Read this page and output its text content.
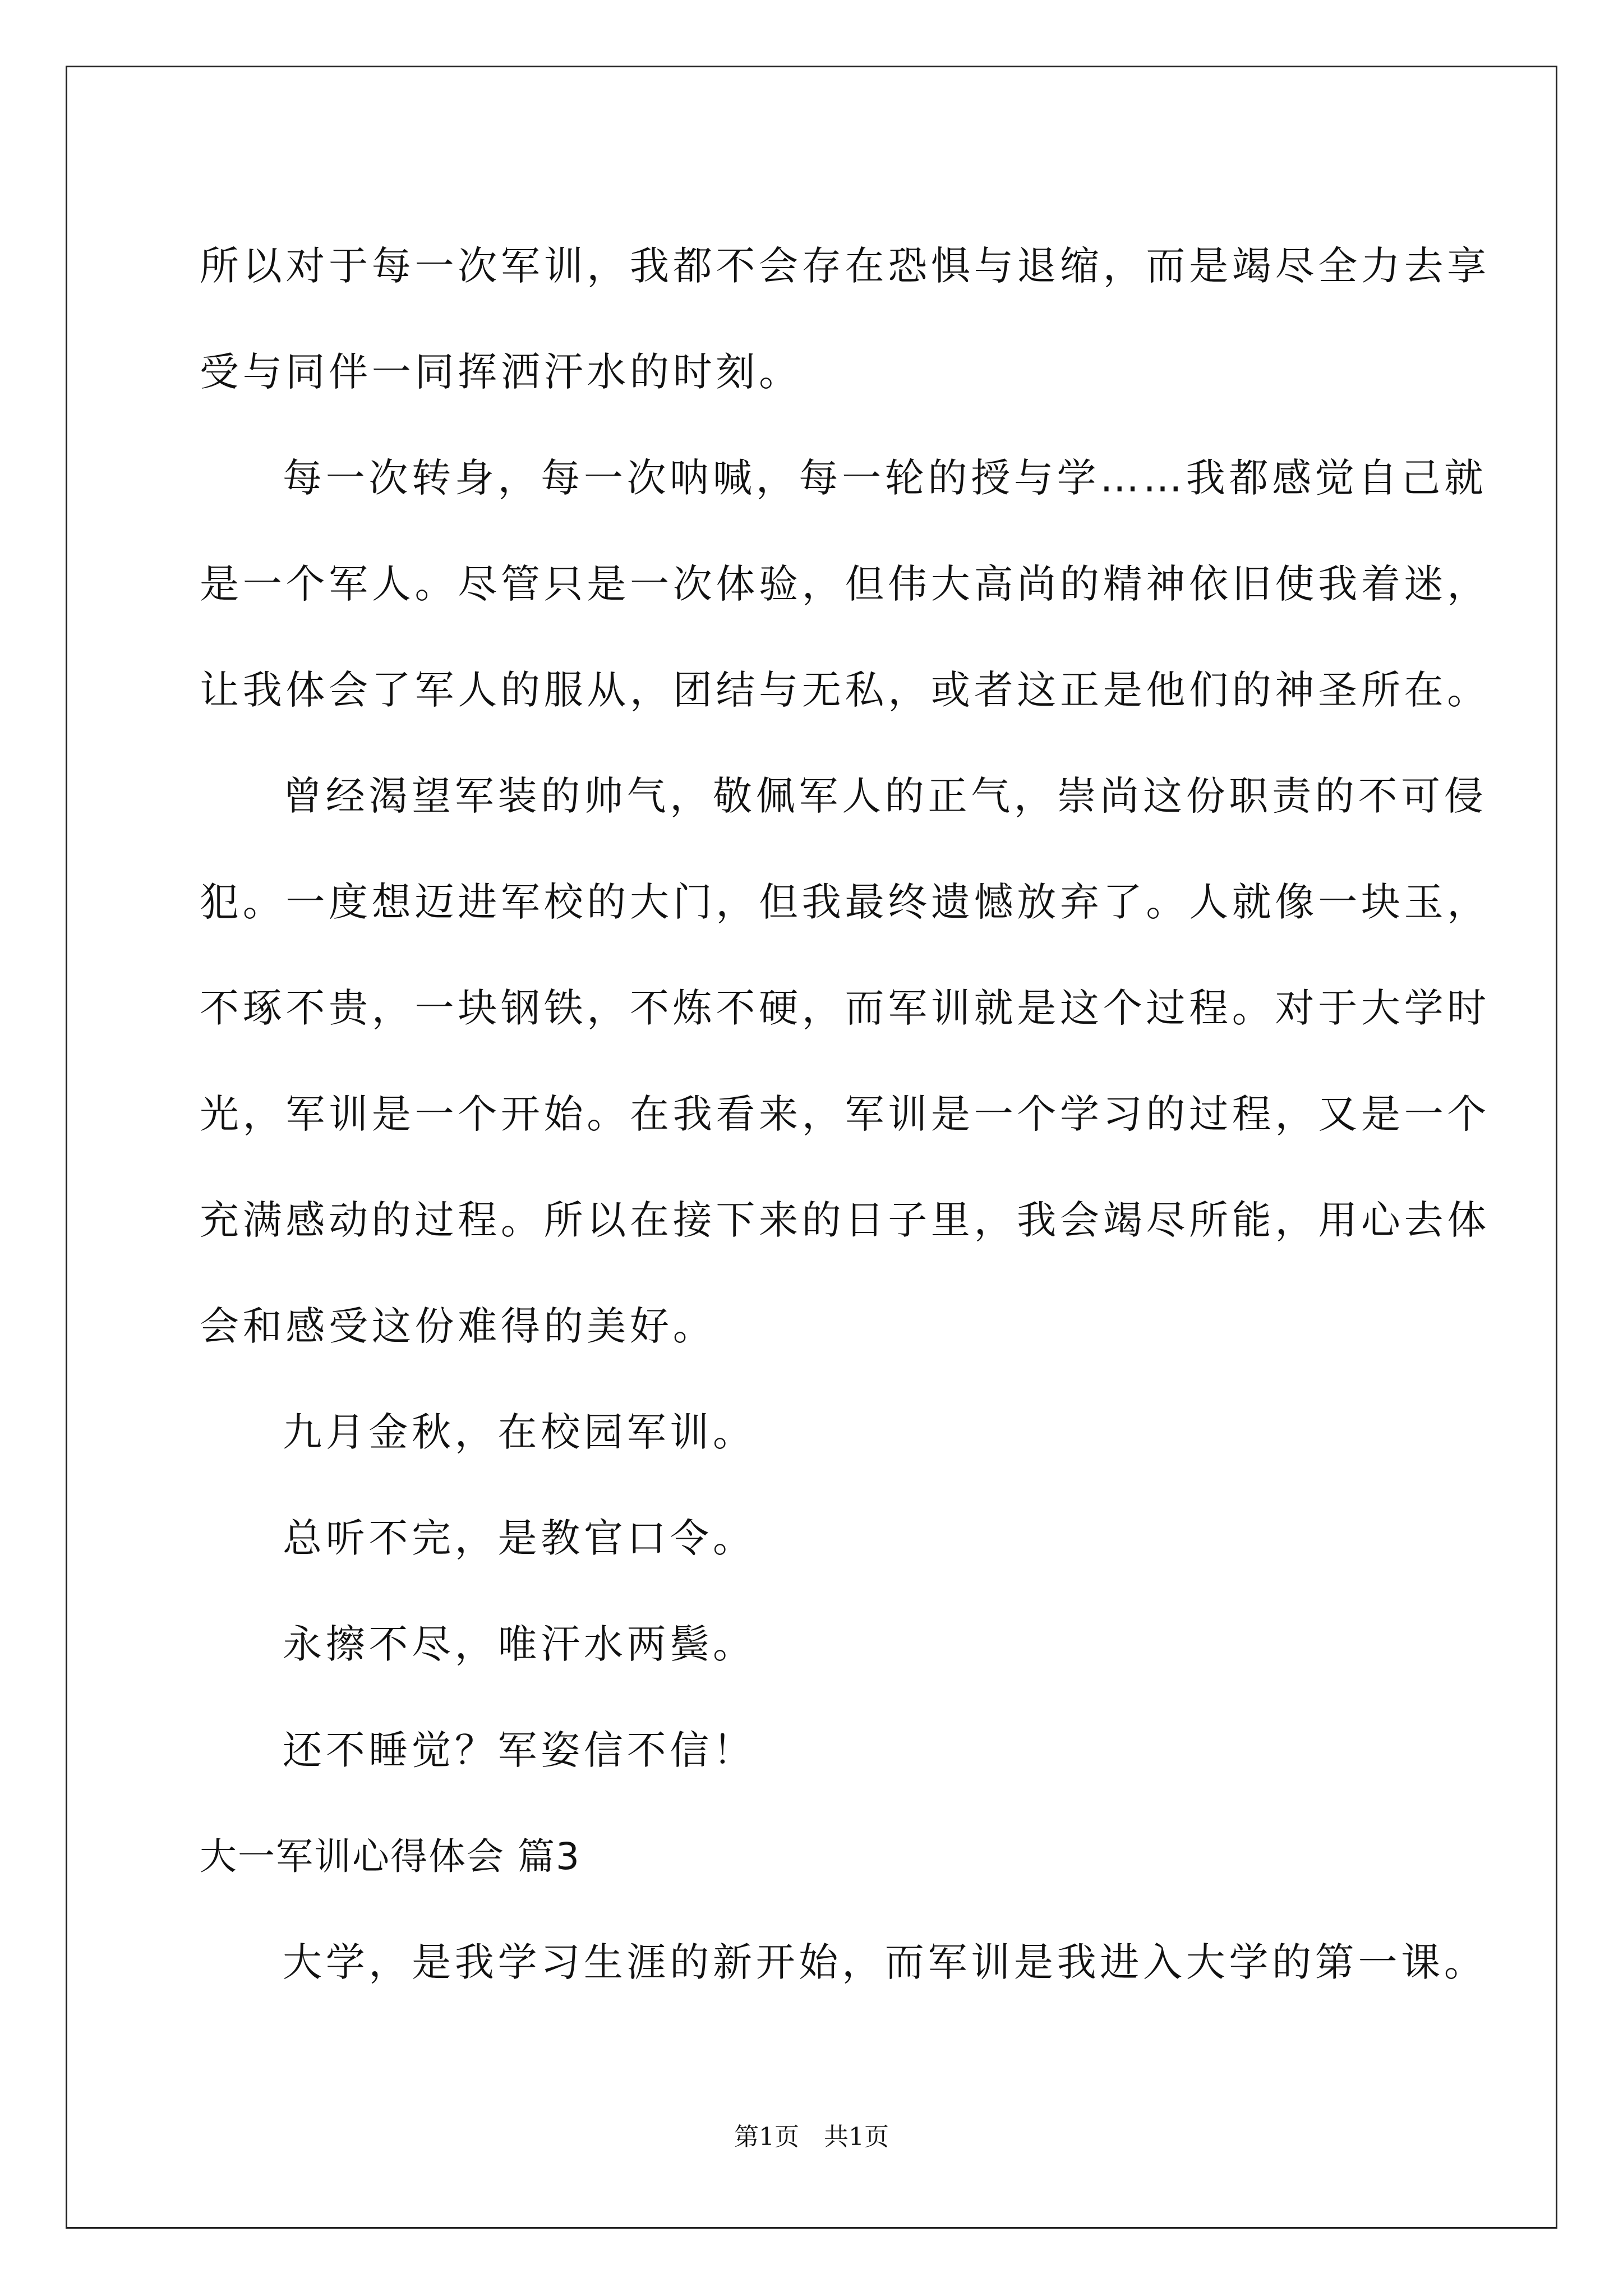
所以对于每一次军训，我都不会存在恐惧与退缩，而是竭尽全力去享
受与同伴一同挥洒汗水的时刻。
每一次转身，每一次呐喊，每一轮的授与学……我都感觉自己就
是一个军人。尽管只是一次体验，但伟大高尚的精神依旧使我着迷，
让我体会了军人的服从，团结与无私，或者这正是他们的神圣所在。
曾经渴望军装的帅气，敬佩军人的正气，崇尚这份职责的不可侵
犯。一度想迈进军校的大门，但我最终遗憾放弃了。人就像一块玉，
不琢不贵，一块钢铁，不炼不硬，而军训就是这个过程。对于大学时
光，军训是一个开始。在我看来，军训是一个学习的过程，又是一个
充满感动的过程。所以在接下来的日子里，我会竭尽所能，用心去体
会和感受这份难得的美好。
九月金秋，在校园军训。
总听不完，是教官口令。
永擦不尽，唯汗水两鬓。
还不睡觉？军姿信不信！
大一军训心得体会 篇3
大学，是我学习生涯的新开始，而军训是我进入大学的第一课。
第1页　共1页
